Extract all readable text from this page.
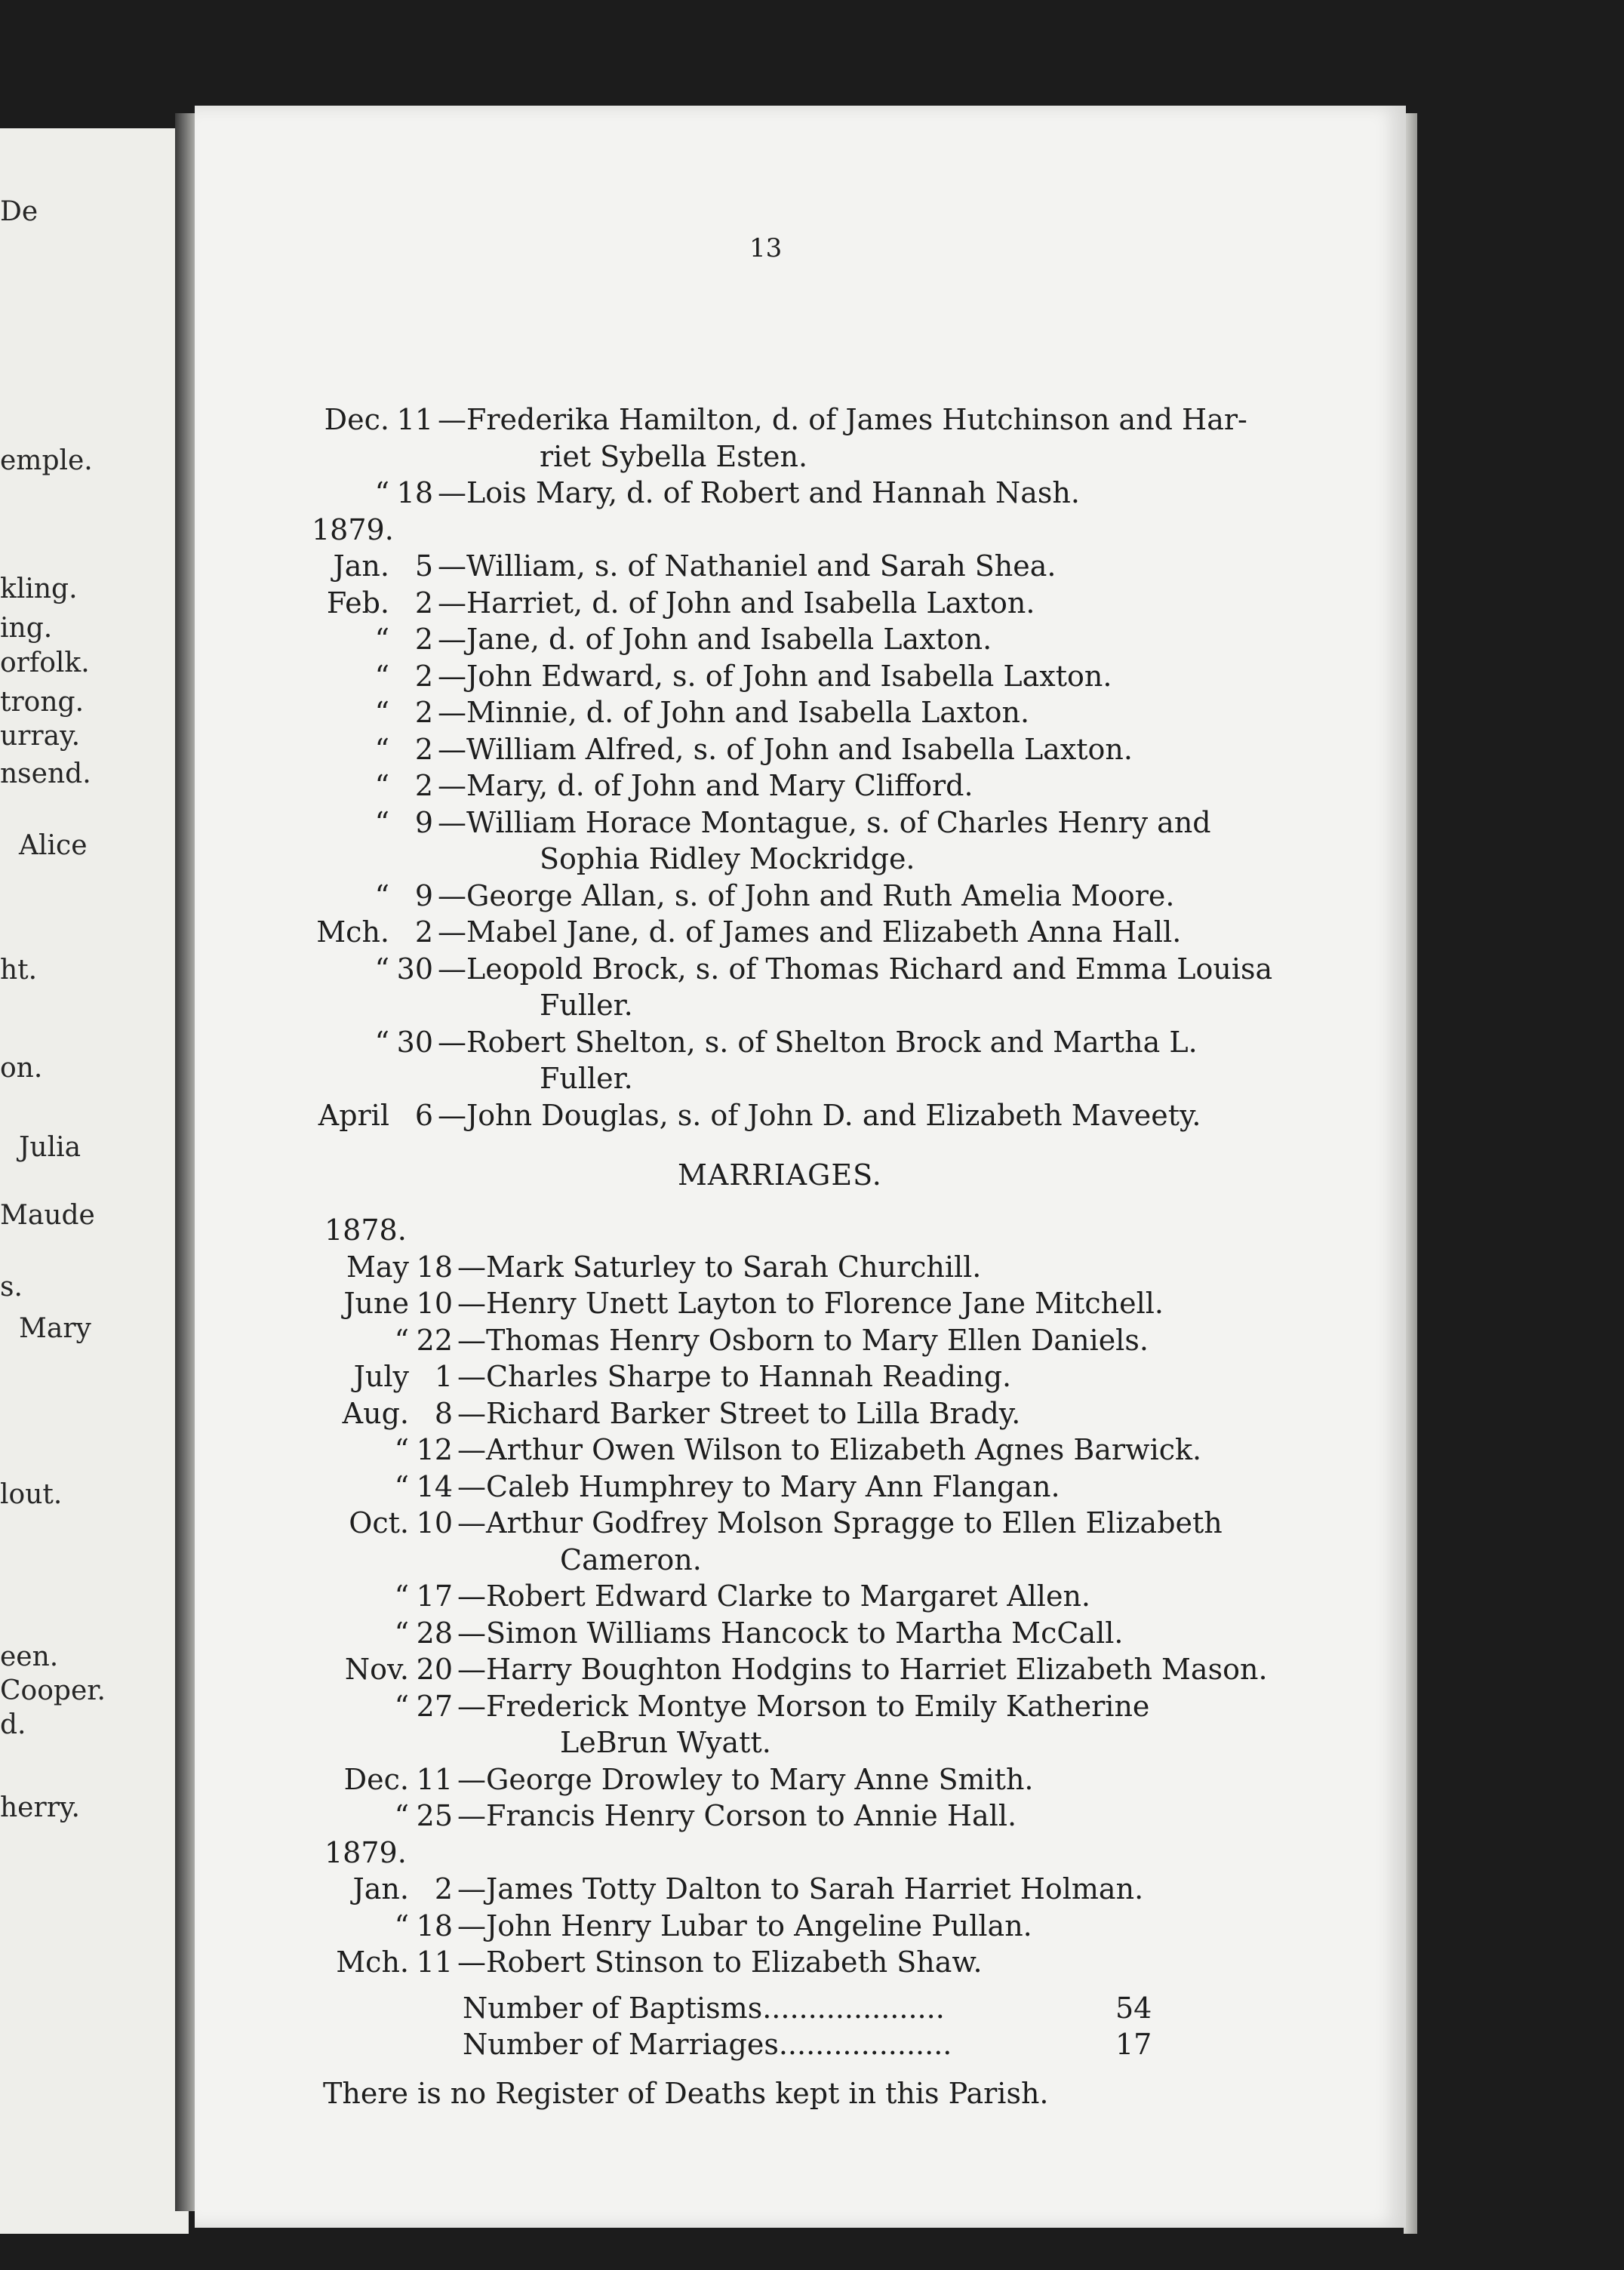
De
emple.
kling.
ing.
orfolk.
trong.
urray.
nsend.
Alice
ht.
on.
Julia
Maude
s.
Mary
lout.
een.
Cooper.
d.
herry.
13
Dec. 11 —Frederika Hamilton, d. of James Hutchinson and Har-
riet Sybella Esten.
“ 18 —Lois Mary, d. of Robert and Hannah Nash.
1879.
Jan. 5 —William, s. of Nathaniel and Sarah Shea.
Feb. 2 —Harriet, d. of John and Isabella Laxton.
“ 2 —Jane, d. of John and Isabella Laxton.
“ 2 —John Edward, s. of John and Isabella Laxton.
“ 2 —Minnie, d. of John and Isabella Laxton.
“ 2 —William Alfred, s. of John and Isabella Laxton.
“ 2 —Mary, d. of John and Mary Clifford.
“ 9 —William Horace Montague, s. of Charles Henry and
Sophia Ridley Mockridge.
“ 9 —George Allan, s. of John and Ruth Amelia Moore.
Mch. 2 —Mabel Jane, d. of James and Elizabeth Anna Hall.
“ 30 —Leopold Brock, s. of Thomas Richard and Emma Louisa
Fuller.
“ 30 —Robert Shelton, s. of Shelton Brock and Martha L.
Fuller.
April 6 —John Douglas, s. of John D. and Elizabeth Maveety.
MARRIAGES.
1878.
May 18 —Mark Saturley to Sarah Churchill.
June 10 —Henry Unett Layton to Florence Jane Mitchell.
“ 22 —Thomas Henry Osborn to Mary Ellen Daniels.
July 1 —Charles Sharpe to Hannah Reading.
Aug. 8 —Richard Barker Street to Lilla Brady.
“ 12 —Arthur Owen Wilson to Elizabeth Agnes Barwick.
“ 14 —Caleb Humphrey to Mary Ann Flangan.
Oct. 10 —Arthur Godfrey Molson Spragge to Ellen Elizabeth
Cameron.
“ 17 —Robert Edward Clarke to Margaret Allen.
“ 28 —Simon Williams Hancock to Martha McCall.
Nov. 20 —Harry Boughton Hodgins to Harriet Elizabeth Mason.
“ 27 —Frederick Montye Morson to Emily Katherine
LeBrun Wyatt.
Dec. 11 —George Drowley to Mary Anne Smith.
“ 25 —Francis Henry Corson to Annie Hall.
1879.
Jan. 2 —James Totty Dalton to Sarah Harriet Holman.
“ 18 —John Henry Lubar to Angeline Pullan.
Mch. 11 —Robert Stinson to Elizabeth Shaw.
Number of Baptisms....................	54
Number of Marriages...................	17
There is no Register of Deaths kept in this Parish.
